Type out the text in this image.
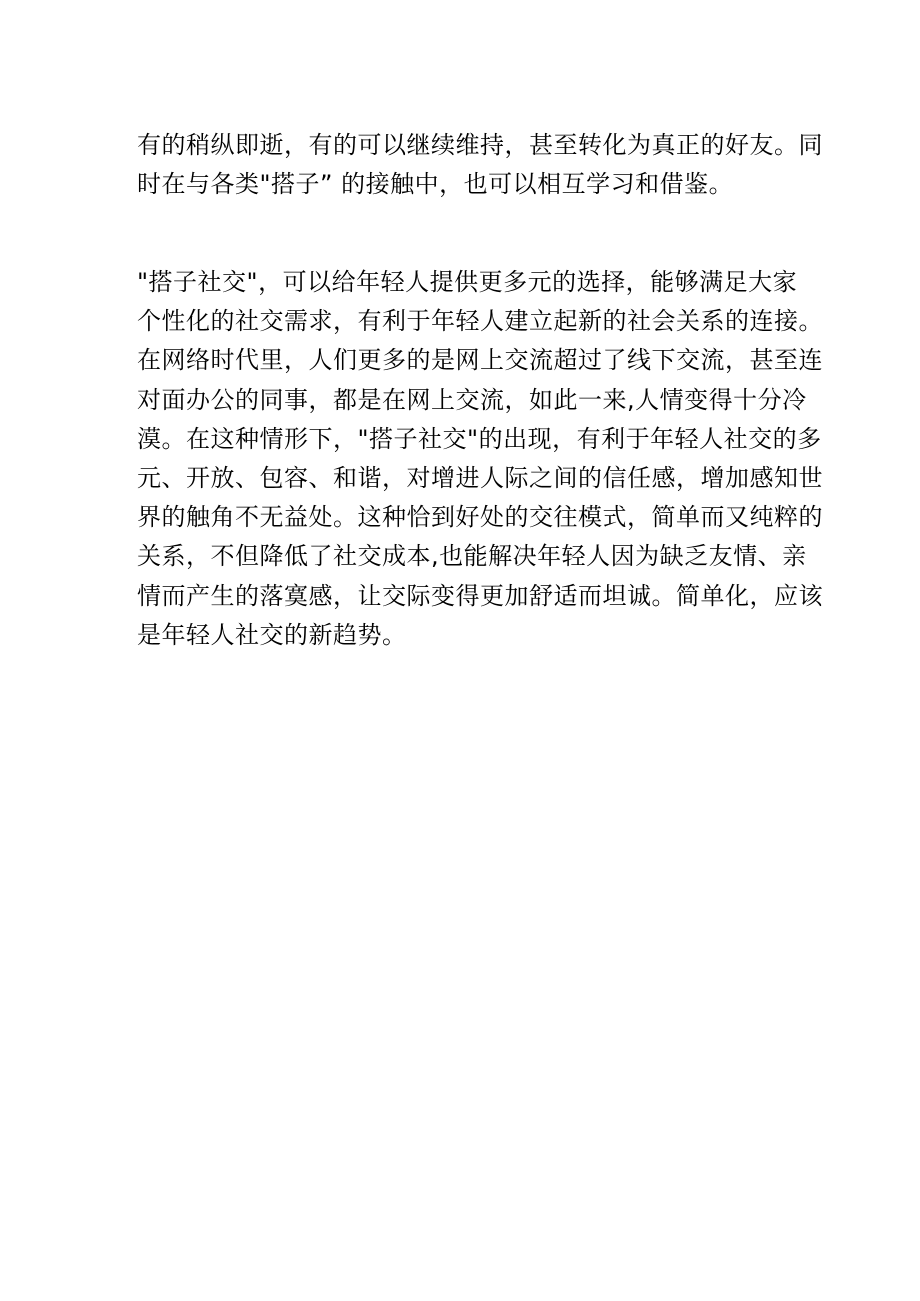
有的稍纵即逝，有的可以继续维持，甚至转化为真正的好友。同
时在与各类"搭子” 的接触中，也可以相互学习和借鉴。
"搭子社交"，可以给年轻人提供更多元的选择，能够满足大家
个性化的社交需求，有利于年轻人建立起新的社会关系的连接。
在网络时代里，人们更多的是网上交流超过了线下交流，甚至连
对面办公的同事，都是在网上交流，如此一来,人情变得十分冷
漠。在这种情形下，"搭子社交"的出现，有利于年轻人社交的多
元、开放、包容、和谐，对增进人际之间的信任感，增加感知世
界的触角不无益处。这种恰到好处的交往模式，简单而又纯粹的
关系，不但降低了社交成本,也能解决年轻人因为缺乏友情、亲
情而产生的落寞感，让交际变得更加舒适而坦诚。简单化，应该
是年轻人社交的新趋势。
